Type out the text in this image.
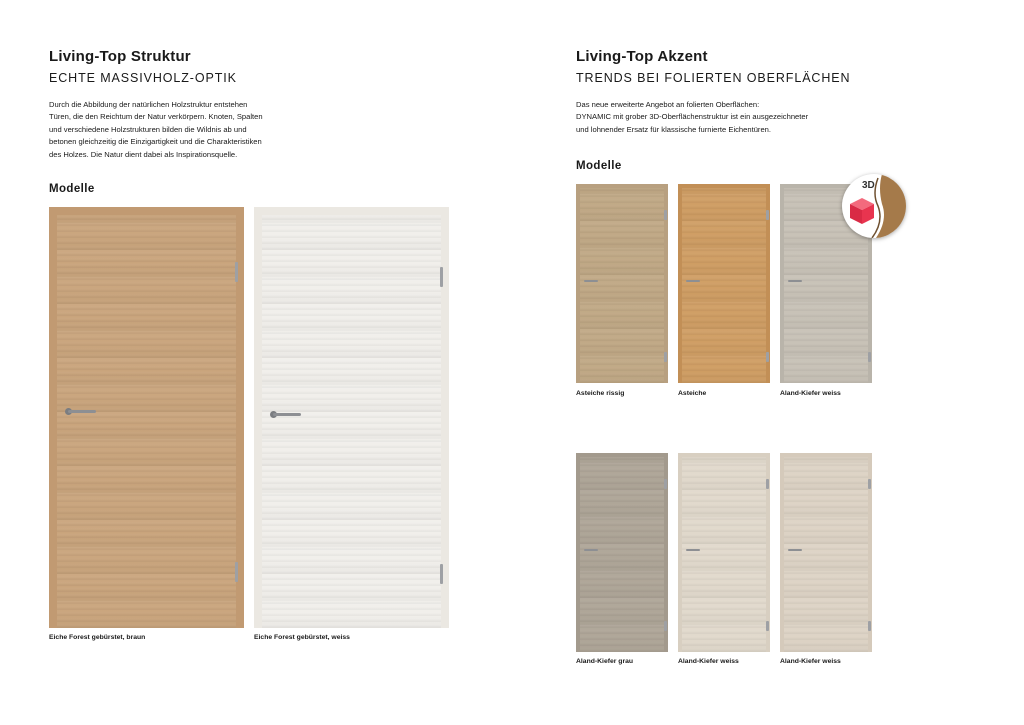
Living-Top Struktur
ECHTE MASSIVHOLZ-OPTIK
Durch die Abbildung der natürlichen Holzstruktur entstehen
Türen, die den Reichtum der Natur verkörpern. Knoten, Spalten
und verschiedene Holzstrukturen bilden die Wildnis ab und
betonen gleichzeitig die Einzigartigkeit und die Charakteristiken
des Holzes. Die Natur dient dabei als Inspirationsquelle.
Modelle
Eiche Forest gebürstet, braun	Eiche Forest gebürstet, weiss
Living-Top Akzent
TRENDS BEI FOLIERTEN OBERFLÄCHEN
Das neue erweiterte Angebot an folierten Oberflächen:
DYNAMIC mit grober 3D-Oberflächenstruktur ist ein ausgezeichneter
und lohnender Ersatz für klassische furnierte Eichentüren.
Modelle
Asteiche rissig	Asteiche	Aland-Kiefer weiss
3D
Aland-Kiefer grau	Aland-Kiefer weiss	Aland-Kiefer weiss
